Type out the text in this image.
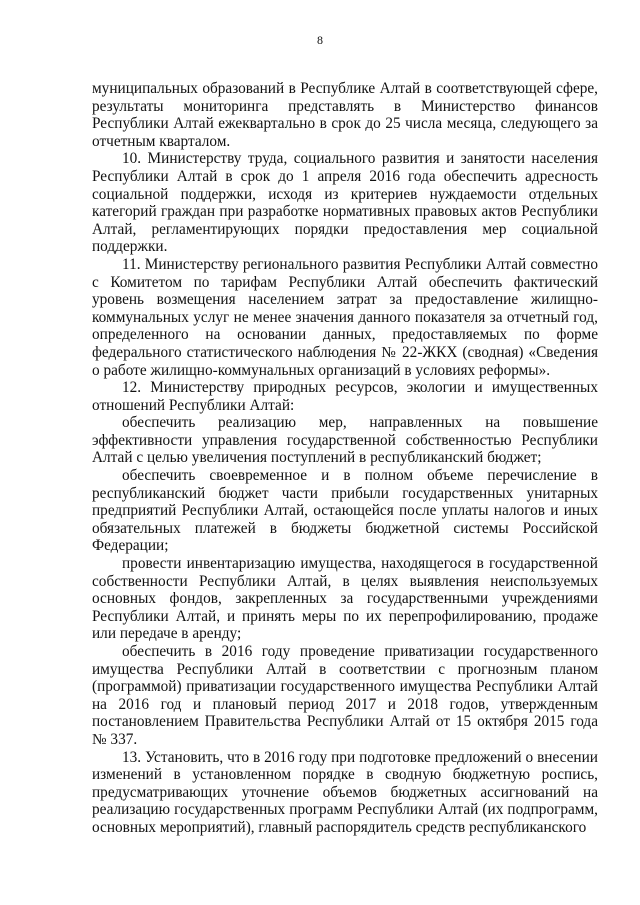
8

муниципальных образований в Республике Алтай в соответствующей сфере, результаты мониторинга представлять в Министерство финансов Республики Алтай ежеквартально в срок до 25 числа месяца, следующего за отчетным кварталом.

10. Министерству труда, социального развития и занятости населения Республики Алтай в срок до 1 апреля 2016 года обеспечить адресность социальной поддержки, исходя из критериев нуждаемости отдельных категорий граждан при разработке нормативных правовых актов Республики Алтай, регламентирующих порядки предоставления мер социальной поддержки.

11. Министерству регионального развития Республики Алтай совместно с Комитетом по тарифам Республики Алтай обеспечить фактический уровень возмещения населением затрат за предоставление жилищно-коммунальных услуг не менее значения данного показателя за отчетный год, определенного на основании данных, предоставляемых по форме федерального статистического наблюдения № 22-ЖКХ (сводная) «Сведения о работе жилищно-коммунальных организаций в условиях реформы».

12. Министерству природных ресурсов, экологии и имущественных отношений Республики Алтай:

обеспечить реализацию мер, направленных на повышение эффективности управления государственной собственностью Республики Алтай с целью увеличения поступлений в республиканский бюджет;

обеспечить своевременное и в полном объеме перечисление в республиканский бюджет части прибыли государственных унитарных предприятий Республики Алтай, остающейся после уплаты налогов и иных обязательных платежей в бюджеты бюджетной системы Российской Федерации;

провести инвентаризацию имущества, находящегося в государственной собственности Республики Алтай, в целях выявления неиспользуемых основных фондов, закрепленных за государственными учреждениями Республики Алтай, и принять меры по их перепрофилированию, продаже или передаче в аренду;

обеспечить в 2016 году проведение приватизации государственного имущества Республики Алтай в соответствии с прогнозным планом (программой) приватизации государственного имущества Республики Алтай на 2016 год и плановый период 2017 и 2018 годов, утвержденным постановлением Правительства Республики Алтай от 15 октября 2015 года № 337.

13. Установить, что в 2016 году при подготовке предложений о внесении изменений в установленном порядке в сводную бюджетную роспись, предусматривающих уточнение объемов бюджетных ассигнований на реализацию государственных программ Республики Алтай (их подпрограмм, основных мероприятий), главный распорядитель средств республиканского
